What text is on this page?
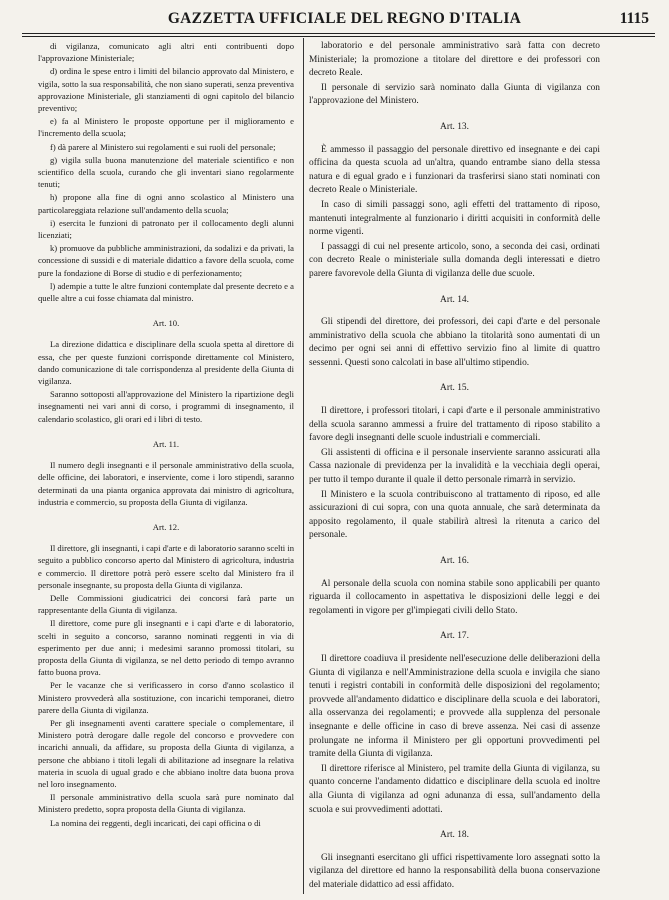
GAZZETTA UFFICIALE DEL REGNO D'ITALIA	1115

di vigilanza, comunicato agli altri enti contribuenti dopo l'approvazione Ministeriale;

d) ordina le spese entro i limiti del bilancio approvato dal Ministero, e vigila, sotto la sua responsabilità, che non siano superati, senza preventiva approvazione Ministeriale, gli stanziamenti di ogni capitolo del bilancio preventivo;

e) fa al Ministero le proposte opportune per il miglioramento e l'incremento della scuola;

f) dà parere al Ministero sui regolamenti e sui ruoli del personale;

g) vigila sulla buona manutenzione del materiale scientifico e non scientifico della scuola, curando che gli inventari siano regolarmente tenuti;

h) propone alla fine di ogni anno scolastico al Ministero una particolareggiata relazione sull'andamento della scuola;

i) esercita le funzioni di patronato per il collocamento degli alunni licenziati;

k) promuove da pubbliche amministrazioni, da sodalizi e da privati, la concessione di sussidi e di materiale didattico a favore della scuola, come pure la fondazione di Borse di studio e di perfezionamento;

l) adempie a tutte le altre funzioni contemplate dal presente decreto e a quelle altre a cui fosse chiamata dal ministro.

Art. 10.

La direzione didattica e disciplinare della scuola spetta al direttore di essa, che per queste funzioni corrisponde direttamente col Ministero, dando comunicazione di tale corrispondenza al presidente della Giunta di vigilanza.

Saranno sottoposti all'approvazione del Ministero la ripartizione degli insegnamenti nei vari anni di corso, i programmi di insegnamento, il calendario scolastico, gli orari ed i libri di testo.

Art. 11.

Il numero degli insegnanti e il personale amministrativo della scuola, delle officine, dei laboratori, e inserviente, come i loro stipendi, saranno determinati da una pianta organica approvata dai ministro di agricoltura, industria e commercio, su proposta della Giunta di vigilanza.

Art. 12.

Il direttore, gli insegnanti, i capi d'arte e di laboratorio saranno scelti in seguito a pubblico concorso aperto dal Ministero di agricoltura, industria e commercio. Il direttore potrà però essere scelto dal Ministero fra il personale insegnante, su proposta della Giunta di vigilanza.

Delle Commissioni giudicatrici dei concorsi farà parte un rappresentante della Giunta di vigilanza.

Il direttore, come pure gli insegnanti e i capi d'arte e di laboratorio, scelti in seguito a concorso, saranno nominati reggenti in via di esperimento per due anni; i medesimi saranno promossi titolari, su proposta della Giunta di vigilanza, se nel detto periodo di tempo avranno fatto buona prova.

Per le vacanze che si verificassero in corso d'anno scolastico il Ministero provvederà alla sostituzione, con incarichi temporanei, dietro parere della Giunta di vigilanza.

Per gli insegnamenti aventi carattere speciale o complementare, il Ministero potrà derogare dalle regole del concorso e provvedere con incarichi annuali, da affidare, su proposta della Giunta di vigilanza, a persone che abbiano i titoli legali di abilitazione ad insegnare la relativa materia in scuola di ugual grado e che abbiano inoltre data buona prova nel loro insegnamento.

Il personale amministrativo della scuola sarà pure nominato dal Ministero predetto, sopra proposta della Giunta di vigilanza.

La nomina dei reggenti, degli incaricati, dei capi officina o di

laboratorio e del personale amministrativo sarà fatta con decreto Ministeriale; la promozione a titolare del direttore e dei professori con decreto Reale.

Il personale di servizio sarà nominato dalla Giunta di vigilanza con l'approvazione del Ministero.

Art. 13.

È ammesso il passaggio del personale direttivo ed insegnante e dei capi officina da questa scuola ad un'altra, quando entrambe siano della stessa natura e di egual grado e i funzionari da trasferirsi siano stati nominati con decreto Reale o Ministeriale.

In caso di simili passaggi sono, agli effetti del trattamento di riposo, mantenuti integralmente al funzionario i diritti acquisiti in conformità delle norme vigenti.

I passaggi di cui nel presente articolo, sono, a seconda dei casi, ordinati con decreto Reale o ministeriale sulla domanda degli interessati e dietro parere favorevole della Giunta di vigilanza delle due scuole.

Art. 14.

Gli stipendi del direttore, dei professori, dei capi d'arte e del personale amministrativo della scuola che abbiano la titolarità sono aumentati di un decimo per ogni sei anni di effettivo servizio fino al limite di quattro sessenni. Questi sono calcolati in base all'ultimo stipendio.

Art. 15.

Il direttore, i professori titolari, i capi d'arte e il personale amministrativo della scuola saranno ammessi a fruire del trattamento di riposo stabilito a favore degli insegnanti delle scuole industriali e commerciali.

Gli assistenti di officina e il personale inserviente saranno assicurati alla Cassa nazionale di previdenza per la invalidità e la vecchiaia degli operai, per tutto il tempo durante il quale il detto personale rimarrà in servizio.

Il Ministero e la scuola contribuiscono al trattamento di riposo, ed alle assicurazioni di cui sopra, con una quota annuale, che sarà determinata da apposito regolamento, il quale stabilirà altresì la ritenuta a carico del personale.

Art. 16.

Al personale della scuola con nomina stabile sono applicabili per quanto riguarda il collocamento in aspettativa le disposizioni delle leggi e dei regolamenti in vigore per gl'impiegati civili dello Stato.

Art. 17.

Il direttore coadiuva il presidente nell'esecuzione delle deliberazioni della Giunta di vigilanza e nell'Amministrazione della scuola e invigila che siano tenuti i registri contabili in conformità delle disposizioni del regolamento; provvede all'andamento didattico e disciplinare della scuola e dei laboratori, alla osservanza dei regolamenti; e provvede alla supplenza del personale insegnante e delle officine in caso di breve assenza. Nei casi di assenze prolungate ne informa il Ministero per gli opportuni provvedimenti pel tramite della Giunta di vigilanza.

Il direttore riferisce al Ministero, pel tramite della Giunta di vigilanza, su quanto concerne l'andamento didattico e disciplinare della scuola ed inoltre alla Giunta di vigilanza ad ogni adunanza di essa, sull'andamento della scuola e sui provvedimenti adottati.

Art. 18.

Gli insegnanti esercitano gli uffici rispettivamente loro assegnati sotto la vigilanza del direttore ed hanno la responsabilità della buona conservazione del materiale didattico ad essi affidato.
